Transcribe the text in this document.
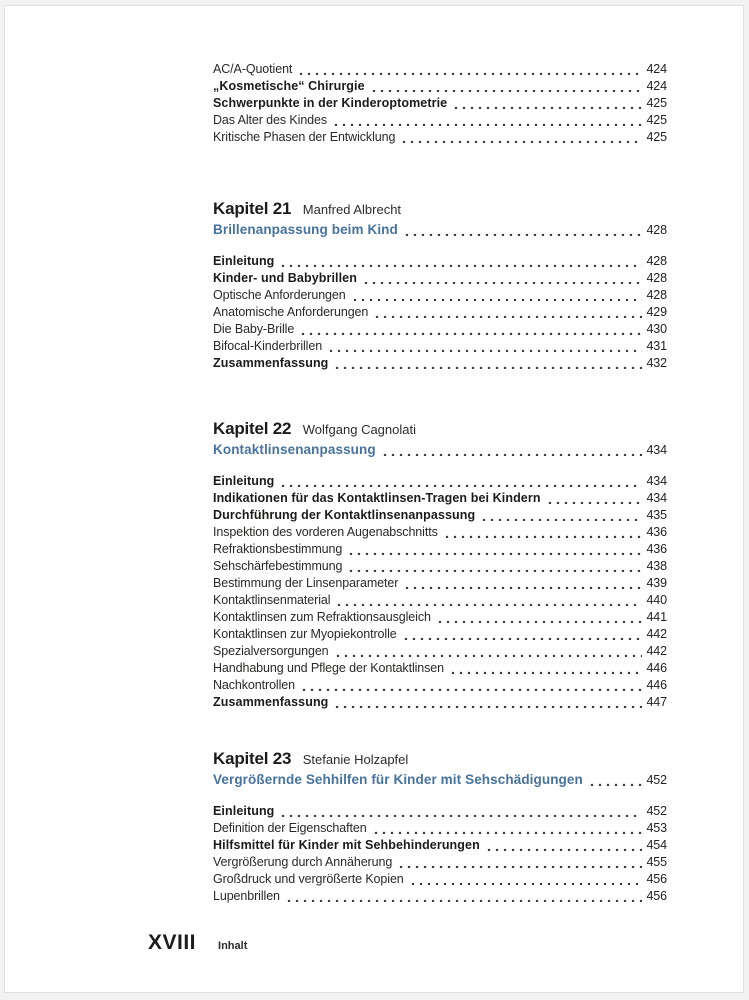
AC/A-Quotient	424
„Kosmetische“ Chirurgie	424
Schwerpunkte in der Kinderoptometrie	425
Das Alter des Kindes	425
Kritische Phasen der Entwicklung	425
Kapitel 21 Manfred Albrecht
Brillenanpassung beim Kind	428
Einleitung	428
Kinder- und Babybrillen	428
Optische Anforderungen	428
Anatomische Anforderungen	429
Die Baby-Brille	430
Bifocal-Kinderbrillen	431
Zusammenfassung	432
Kapitel 22 Wolfgang Cagnolati
Kontaktlinsenanpassung	434
Einleitung	434
Indikationen für das Kontaktlinsen-Tragen bei Kindern	434
Durchführung der Kontaktlinsenanpassung	435
Inspektion des vorderen Augenabschnitts	436
Refraktionsbestimmung	436
Sehschärfebestimmung	438
Bestimmung der Linsenparameter	439
Kontaktlinsenmaterial	440
Kontaktlinsen zum Refraktionsausgleich	441
Kontaktlinsen zur Myopiekontrolle	442
Spezialversorgungen	442
Handhabung und Pflege der Kontaktlinsen	446
Nachkontrollen	446
Zusammenfassung	447
Kapitel 23 Stefanie Holzapfel
Vergrößernde Sehhilfen für Kinder mit Sehschädigungen	452
Einleitung	452
Definition der Eigenschaften	453
Hilfsmittel für Kinder mit Sehbehinderungen	454
Vergrößerung durch Annäherung	455
Großdruck und vergrößerte Kopien	456
Lupenbrillen	456
XVIII Inhalt
